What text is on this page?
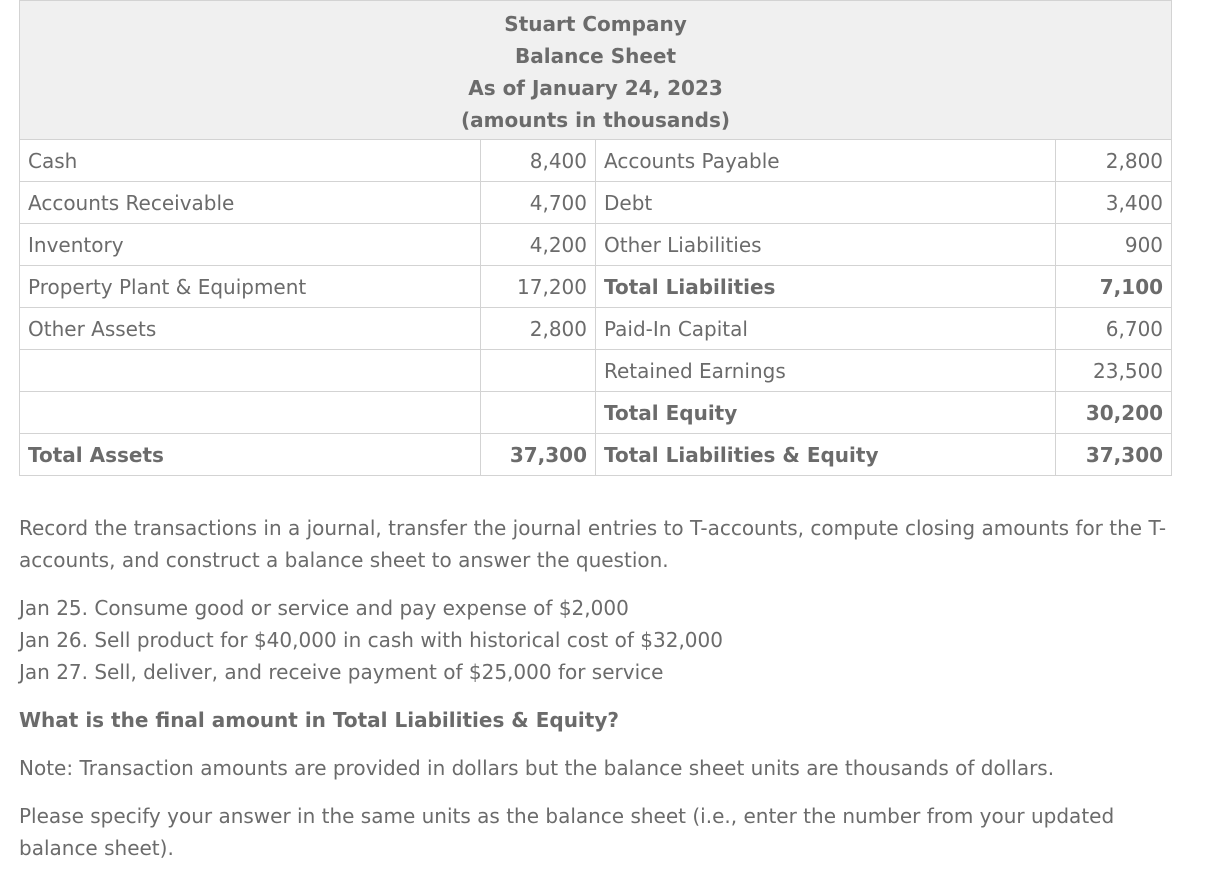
Stuart Company
Balance Sheet
As of January 24, 2023
(amounts in thousands)			

Cash	8,400	Accounts Payable	2,800
Accounts Receivable	4,700	Debt	3,400
Inventory	4,200	Other Liabilities	900
Property Plant & Equipment	17,200	Total Liabilities	7,100
Other Assets	2,800	Paid-In Capital	6,700
		Retained Earnings	23,500
		Total Equity	30,200
Total Assets	37,300	Total Liabilities & Equity	37,300

Record the transactions in a journal, transfer the journal entries to T-accounts, compute closing amounts for the T-accounts, and construct a balance sheet to answer the question.

Jan 25. Consume good or service and pay expense of $2,000
Jan 26. Sell product for $40,000 in cash with historical cost of $32,000
Jan 27. Sell, deliver, and receive payment of $25,000 for service

What is the final amount in Total Liabilities & Equity?

Note: Transaction amounts are provided in dollars but the balance sheet units are thousands of dollars.

Please specify your answer in the same units as the balance sheet (i.e., enter the number from your updated balance sheet).
